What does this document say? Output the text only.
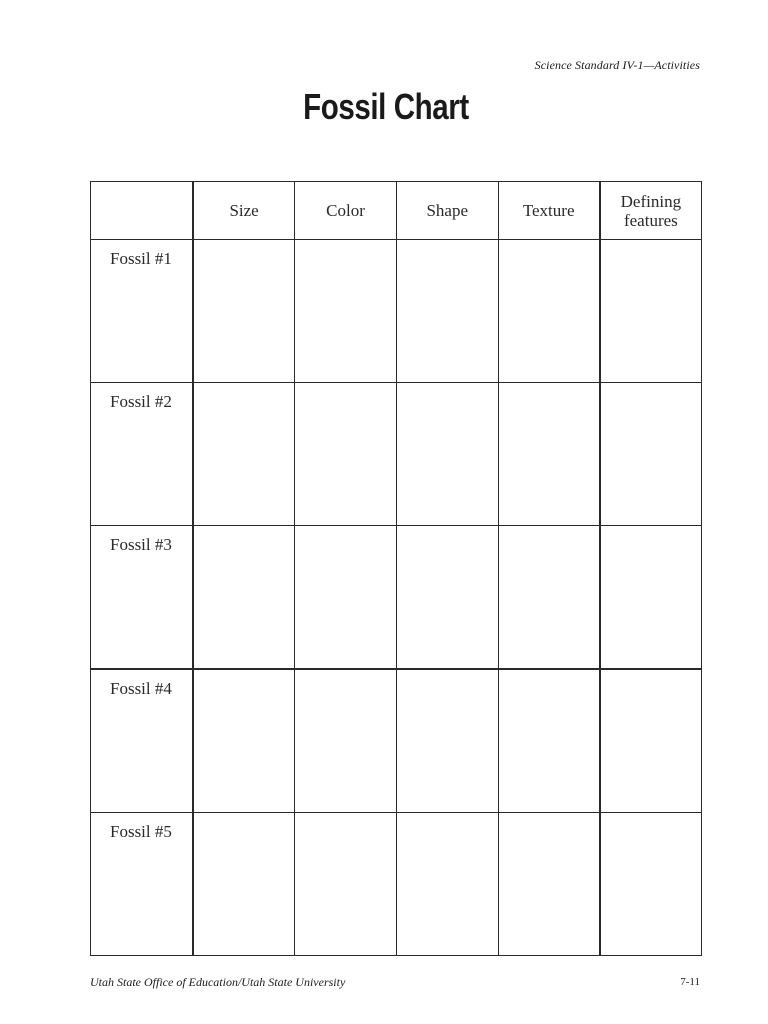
Science Standard IV-1—Activities
Fossil Chart
	Size	Color	Shape	Texture	Defining features
Fossil #1					
Fossil #2					
Fossil #3					
Fossil #4					
Fossil #5					
Utah State Office of Education/Utah State University	7-11
